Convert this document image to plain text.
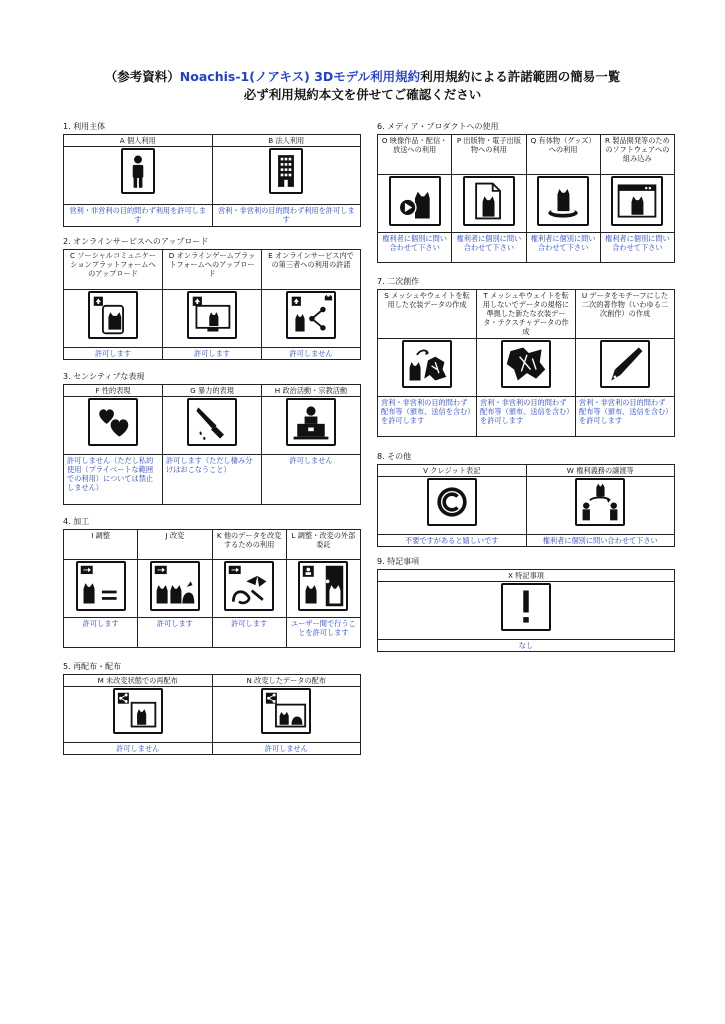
（参考資料）Noachis-1(ノアキス) 3Dモデル利用規約利用規約による許諾範囲の簡易一覧
必ず利用規約本文を併せてご確認ください
1. 利用主体
A 個人利用	B 法人利用

営利・非営利の目的問わず利用を許可します	営利・非営利の目的問わず利用を許可します
2. オンラインサービスへのアップロード
C ソーシャルコミュニケーションプラットフォームへのアップロード	D オンラインゲームプラットフォームへのアップロード	E オンラインサービス内での第三者への利用の許諾

許可します	許可します	許可しません
3. センシティブな表現
F 性的表現	G 暴力的表現	H 政治活動・宗教活動

許可しません（ただし私的使用（プライベートな範囲での利用）については禁止しません）	許可します（ただし棲み分けはおこなうこと）	許可しません
4. 加工
I 調整	J 改変	K 他のデータを改変するための利用	L 調整・改変の外部委託

許可します	許可します	許可します	ユーザー間で行うことを許可します
5. 再配布・配布
M 未改変状態での再配布	N 改変したデータの配布

許可しません	許可しません
6. メディア・プロダクトへの使用
O 映像作品・配信・放送への利用	P 出版物・電子出版物への利用	Q 有体物（グッズ）への利用	R 製品開発等のためのソフトウェアへの組み込み

権利者に個別に問い合わせて下さい	権利者に個別に問い合わせて下さい	権利者に個別に問い合わせて下さい	権利者に個別に問い合わせて下さい
7. 二次創作
S メッシュやウェイトを転用した衣装データの作成	T メッシュやウェイトを転用しないでデータの規格に準拠した新たな衣装データ・テクスチャデータの作成	U データをモチーフにした二次的著作物（いわゆる二次創作）の作成

営利・非営利の目的問わず配布等（頒布、送信を含む）を許可します	営利・非営利の目的問わず配布等（頒布、送信を含む）を許可します	営利・非営利の目的問わず配布等（頒布、送信を含む）を許可します
8. その他
V クレジット表記	W 権利義務の譲渡等

不要ですがあると嬉しいです	権利者に個別に問い合わせて下さい
9. 特記事項
X 特記事項

なし
